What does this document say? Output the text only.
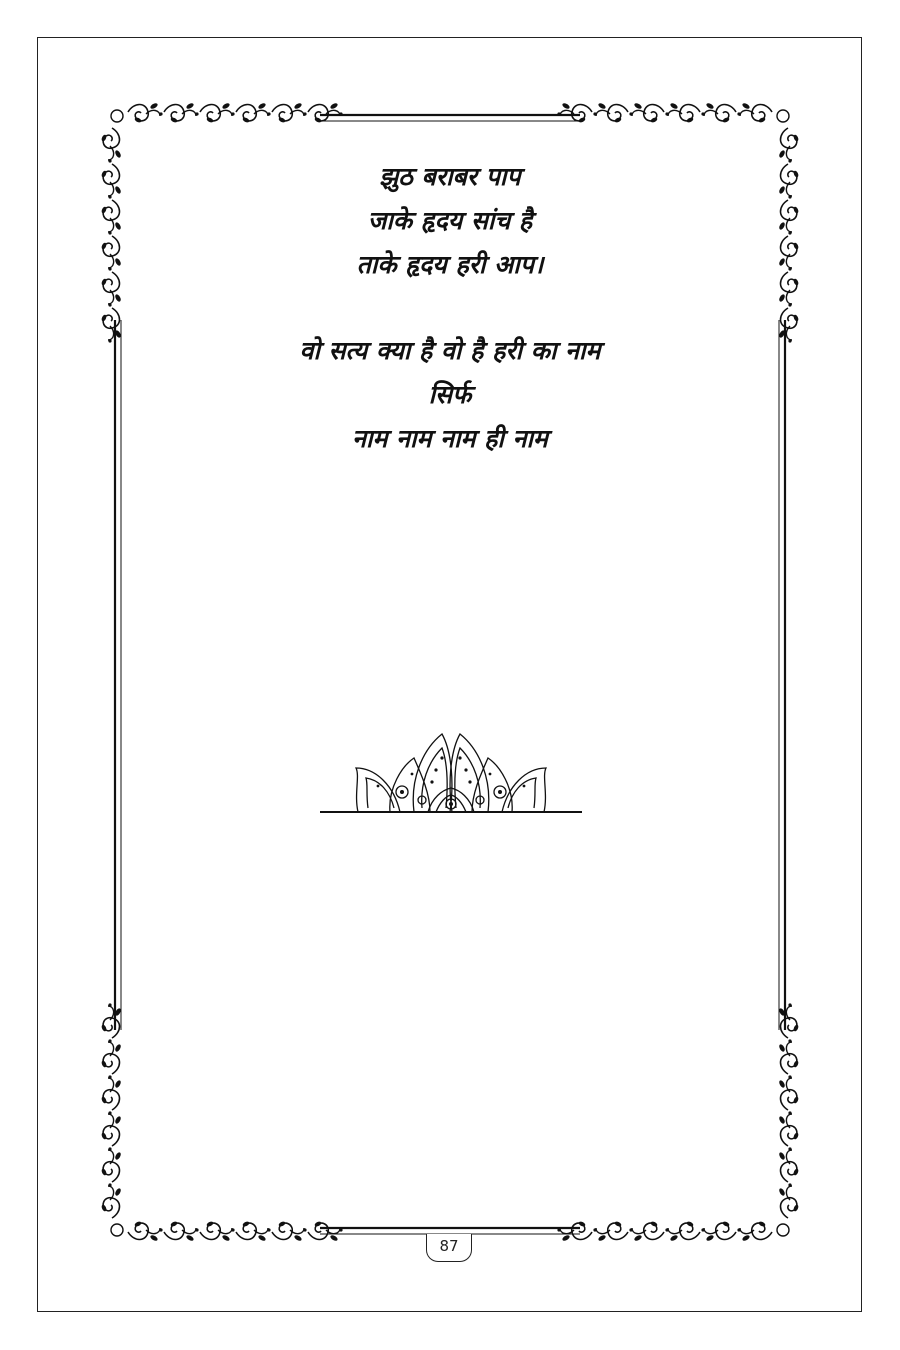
झुठ बराबर पाप
जाके हृदय सांच है
ताके हृदय हरी आप।
वो सत्य क्या है वो है हरी का नाम
सिर्फ
नाम नाम नाम ही नाम
87
